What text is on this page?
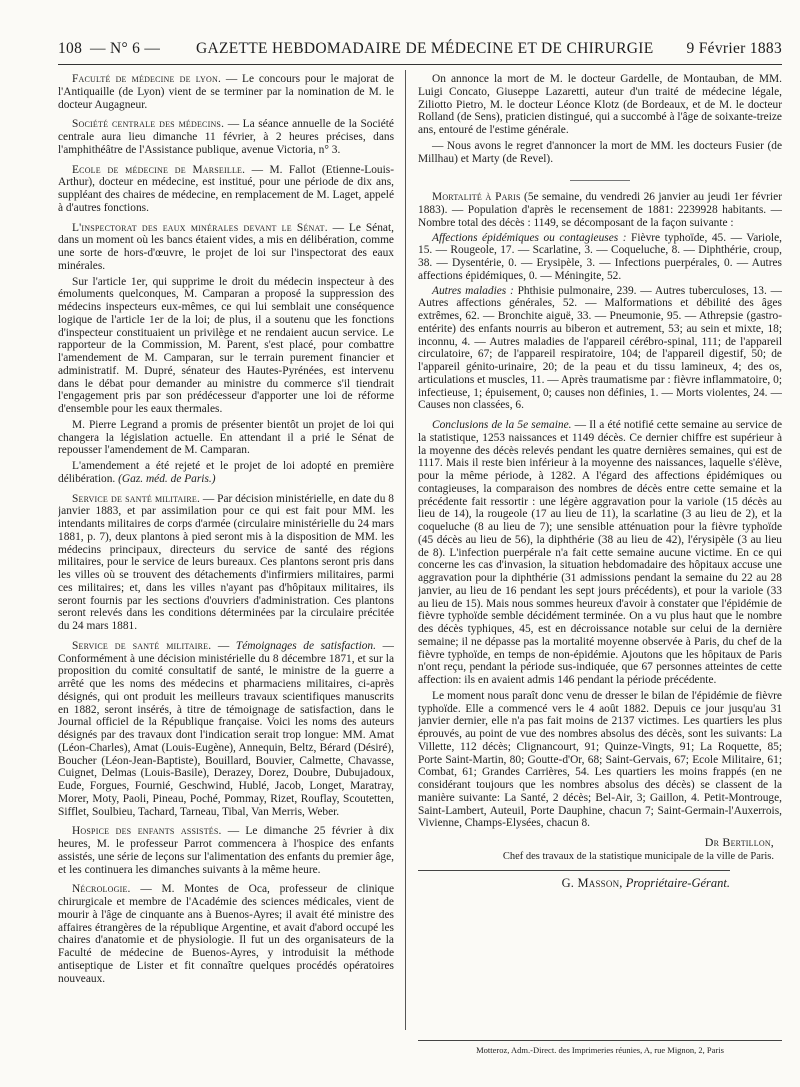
108 — N° 6 — GAZETTE HEBDOMADAIRE DE MÉDECINE ET DE CHIRURGIE 9 Février 1883

Faculté de médecine de lyon. — Le concours pour le majorat de l'Antiquaille (de Lyon) vient de se terminer par la nomination de M. le docteur Augagneur.

Société centrale des médecins. — La séance annuelle de la Société centrale aura lieu dimanche 11 février, à 2 heures précises, dans l'amphithéâtre de l'Assistance publique, avenue Victoria, n° 3.

Ecole de médecine de Marseille. — M. Fallot (Etienne-Louis-Arthur), docteur en médecine, est institué, pour une période de dix ans, suppléant des chaires de médecine, en remplacement de M. Laget, appelé à d'autres fonctions.

L'inspectorat des eaux minérales devant le Sénat. — Le Sénat, dans un moment où les bancs étaient vides, a mis en délibération, comme une sorte de hors-d'œuvre, le projet de loi sur l'inspectorat des eaux minérales.

Sur l'article 1er, qui supprime le droit du médecin inspecteur à des émoluments quelconques, M. Camparan a proposé la suppression des médecins inspecteurs eux-mêmes, ce qui lui semblait une conséquence logique de l'article 1er de la loi; de plus, il a soutenu que les fonctions d'inspecteur constituaient un privilège et ne rendaient aucun service. Le rapporteur de la Commission, M. Parent, s'est placé, pour combattre l'amendement de M. Camparan, sur le terrain purement financier et administratif. M. Dupré, sénateur des Hautes-Pyrénées, est intervenu dans le débat pour demander au ministre du commerce s'il tiendrait l'engagement pris par son prédécesseur d'apporter une loi de réforme d'ensemble pour les eaux thermales.

M. Pierre Legrand a promis de présenter bientôt un projet de loi qui changera la législation actuelle. En attendant il a prié le Sénat de repousser l'amendement de M. Camparan.

L'amendement a été rejeté et le projet de loi adopté en première délibération. (Gaz. méd. de Paris.)

Service de santé militaire. — Par décision ministérielle, en date du 8 janvier 1883, et par assimilation pour ce qui est fait pour MM. les intendants militaires de corps d'armée (circulaire ministérielle du 24 mars 1881, p. 7), deux plantons à pied seront mis à la disposition de MM. les médecins principaux, directeurs du service de santé des régions militaires, pour le service de leurs bureaux. Ces plantons seront pris dans les villes où se trouvent des détachements d'infirmiers militaires, parmi ces militaires; et, dans les villes n'ayant pas d'hôpitaux militaires, ils seront fournis par les sections d'ouvriers d'administration. Ces plantons seront relevés dans les conditions déterminées par la circulaire précitée du 24 mars 1881.

Service de santé militaire. — Témoignages de satisfaction. — Conformément à une décision ministérielle du 8 décembre 1871, et sur la proposition du comité consultatif de santé, le ministre de la guerre a arrêté que les noms des médecins et pharmaciens militaires, ci-après désignés, qui ont produit les meilleurs travaux scientifiques manuscrits en 1882, seront insérés, à titre de témoignage de satisfaction, dans le Journal officiel de la République française. Voici les noms des auteurs désignés par des travaux dont l'indication serait trop longue: MM. Amat (Léon-Charles), Amat (Louis-Eugène), Annequin, Beltz, Bérard (Désiré), Boucher (Léon-Jean-Baptiste), Bouillard, Bouvier, Calmette, Chavasse, Cuignet, Delmas (Louis-Basile), Derazey, Dorez, Doubre, Dubujadoux, Eude, Forgues, Fournié, Geschwind, Hublé, Jacob, Longet, Maratray, Morer, Moty, Paoli, Pineau, Poché, Pommay, Rizet, Rouflay, Scoutetten, Sifflet, Soulbieu, Tachard, Tarneau, Tibal, Van Merris, Weber.

Hospice des enfants assistés. — Le dimanche 25 février à dix heures, M. le professeur Parrot commencera à l'hospice des enfants assistés, une série de leçons sur l'alimentation des enfants du premier âge, et les continuera les dimanches suivants à la même heure.

Nécrologie. — M. Montes de Oca, professeur de clinique chirurgicale et membre de l'Académie des sciences médicales, vient de mourir à l'âge de cinquante ans à Buenos-Ayres; il avait été ministre des affaires étrangères de la république Argentine, et avait d'abord occupé les chaires d'anatomie et de physiologie. Il fut un des organisateurs de la Faculté de médecine de Buenos-Ayres, y introduisit la méthode antiseptique de Lister et fit connaître quelques procédés opératoires nouveaux.

On annonce la mort de M. le docteur Gardelle, de Montauban, de MM. Luigi Concato, Giuseppe Lazaretti, auteur d'un traité de médecine légale, Ziliotto Pietro, M. le docteur Léonce Klotz (de Bordeaux, et de M. le docteur Rolland (de Sens), praticien distingué, qui a succombé à l'âge de soixante-treize ans, entouré de l'estime générale.

— Nous avons le regret d'annoncer la mort de MM. les docteurs Fusier (de Millhau) et Marty (de Revel).

Mortalité à Paris (5e semaine, du vendredi 26 janvier au jeudi 1er février 1883). — Population d'après le recensement de 1881: 2239928 habitants. — Nombre total des décès : 1149, se décomposant de la façon suivante :

Affections épidémiques ou contagieuses : Fièvre typhoïde, 45. — Variole, 15. — Rougeole, 17. — Scarlatine, 3. — Coqueluche, 8. — Diphthérie, croup, 38. — Dysentérie, 0. — Erysipèle, 3. — Infections puerpérales, 0. — Autres affections épidémiques, 0. — Méningite, 52.

Autres maladies : Phthisie pulmonaire, 239. — Autres tuberculoses, 13. — Autres affections générales, 52. — Malformations et débilité des âges extrêmes, 62. — Bronchite aiguë, 33. — Pneumonie, 95. — Athrepsie (gastro-entérite) des enfants nourris au biberon et autrement, 53; au sein et mixte, 18; inconnu, 4. — Autres maladies de l'appareil cérébro-spinal, 111; de l'appareil circulatoire, 67; de l'appareil respiratoire, 104; de l'appareil digestif, 50; de l'appareil génito-urinaire, 20; de la peau et du tissu lamineux, 4; des os, articulations et muscles, 11. — Après traumatisme par : fièvre inflammatoire, 0; infectieuse, 1; épuisement, 0; causes non définies, 1. — Morts violentes, 24. — Causes non classées, 6.

Conclusions de la 5e semaine. — Il a été notifié cette semaine au service de la statistique, 1253 naissances et 1149 décès. Ce dernier chiffre est supérieur à la moyenne des décès relevés pendant les quatre dernières semaines, qui est de 1117. Mais il reste bien inférieur à la moyenne des naissances, laquelle s'élève, pour la même période, à 1282. A l'égard des affections épidémiques ou contagieuses, la comparaison des nombres de décès entre cette semaine et la précédente fait ressortir : une légère aggravation pour la variole (15 décès au lieu de 14), la rougeole (17 au lieu de 11), la scarlatine (3 au lieu de 2), et la coqueluche (8 au lieu de 7); une sensible atténuation pour la fièvre typhoïde (45 décès au lieu de 56), la diphthérie (38 au lieu de 42), l'érysipèle (3 au lieu de 8). L'infection puerpérale n'a fait cette semaine aucune victime. En ce qui concerne les cas d'invasion, la situation hebdomadaire des hôpitaux accuse une aggravation pour la diphthérie (31 admissions pendant la semaine du 22 au 28 janvier, au lieu de 16 pendant les sept jours précédents), et pour la variole (33 au lieu de 15). Mais nous sommes heureux d'avoir à constater que l'épidémie de fièvre typhoïde semble décidément terminée. On a vu plus haut que le nombre des décès typhiques, 45, est en décroissance notable sur celui de la dernière semaine; il ne dépasse pas la mortalité moyenne observée à Paris, du chef de la fièvre typhoïde, en temps de non-épidémie. Ajoutons que les hôpitaux de Paris n'ont reçu, pendant la période sus-indiquée, que 67 personnes atteintes de cette affection: ils en avaient admis 146 pendant la période précédente.

Le moment nous paraît donc venu de dresser le bilan de l'épidémie de fièvre typhoïde. Elle a commencé vers le 4 août 1882. Depuis ce jour jusqu'au 31 janvier dernier, elle n'a pas fait moins de 2137 victimes. Les quartiers les plus éprouvés, au point de vue des nombres absolus des décès, sont les suivants: La Villette, 112 décès; Clignancourt, 91; Quinze-Vingts, 91; La Roquette, 85; Porte Saint-Martin, 80; Goutte-d'Or, 68; Saint-Gervais, 67; Ecole Militaire, 61; Combat, 61; Grandes Carrières, 54. Les quartiers les moins frappés (en ne considérant toujours que les nombres absolus des décès) se classent de la manière suivante: La Santé, 2 décès; Bel-Air, 3; Gaillon, 4. Petit-Montrouge, Saint-Lambert, Auteuil, Porte Dauphine, chacun 7; Saint-Germain-l'Auxerrois, Vivienne, Champs-Elysées, chacun 8.

Dr Bertillon,
Chef des travaux de la statistique municipale de la ville de Paris.
G. Masson, Propriétaire-Gérant.
Motteroz, Adm.-Direct. des Imprimeries réunies, A, rue Mignon, 2, Paris
